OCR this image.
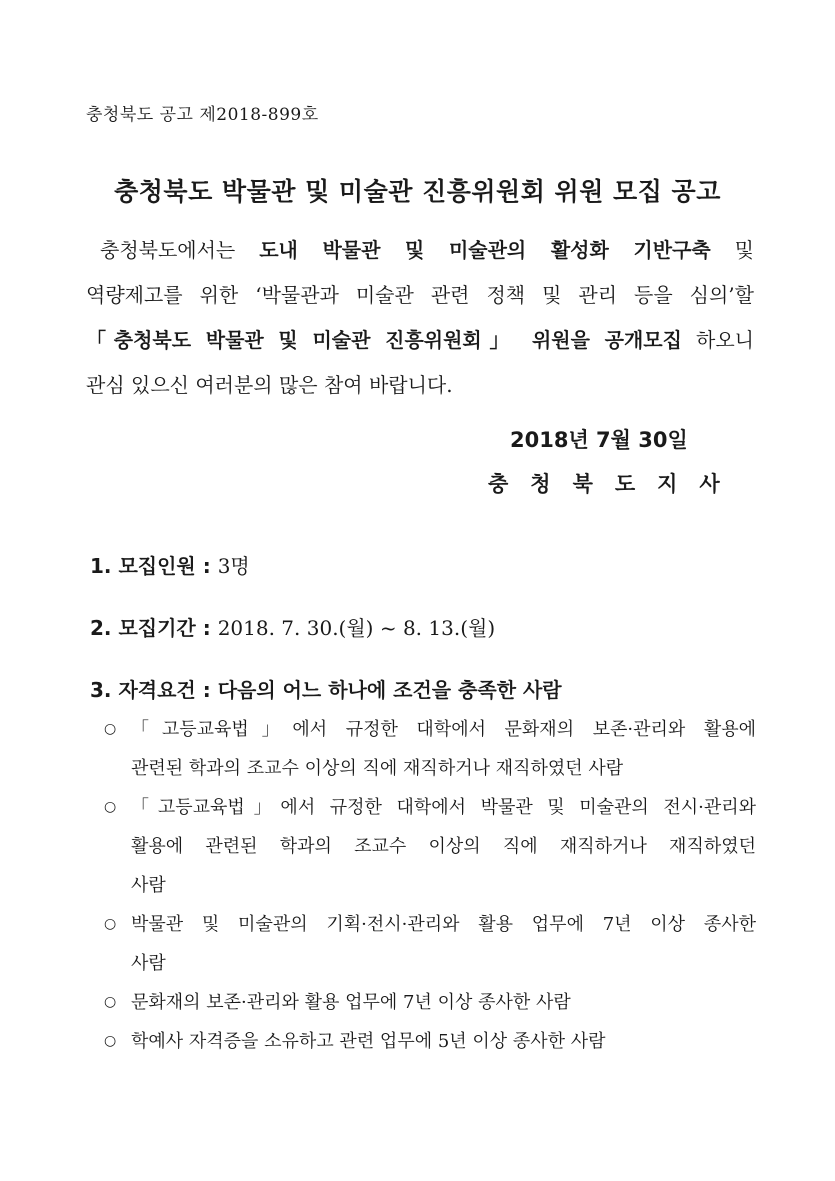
충청북도 공고 제2018-899호
충청북도 박물관 및 미술관 진흥위원회 위원 모집 공고
충청북도에서는 도내 박물관 및 미술관의 활성화 기반구축 및
역량제고를 위한 ‘박물관과 미술관 관련 정책 및 관리 등을 심의’할
「충청북도 박물관 및 미술관 진흥위원회」 위원을 공개모집 하오니
관심 있으신 여러분의 많은 참여 바랍니다.
2018년 7월 30일
충청북도지사
1. 모집인원 : 3명
2. 모집기간 : 2018. 7. 30.(월) ~ 8. 13.(월)
3. 자격요건 : 다음의 어느 하나에 조건을 충족한 사람
○ 「고등교육법」에서 규정한 대학에서 문화재의 보존·관리와 활용에
관련된 학과의 조교수 이상의 직에 재직하거나 재직하였던 사람
○ 「고등교육법」에서 규정한 대학에서 박물관 및 미술관의 전시·관리와
활용에 관련된 학과의 조교수 이상의 직에 재직하거나 재직하였던
사람
○ 박물관 및 미술관의 기획·전시·관리와 활용 업무에 7년 이상 종사한
사람
○ 문화재의 보존·관리와 활용 업무에 7년 이상 종사한 사람
○ 학예사 자격증을 소유하고 관련 업무에 5년 이상 종사한 사람
